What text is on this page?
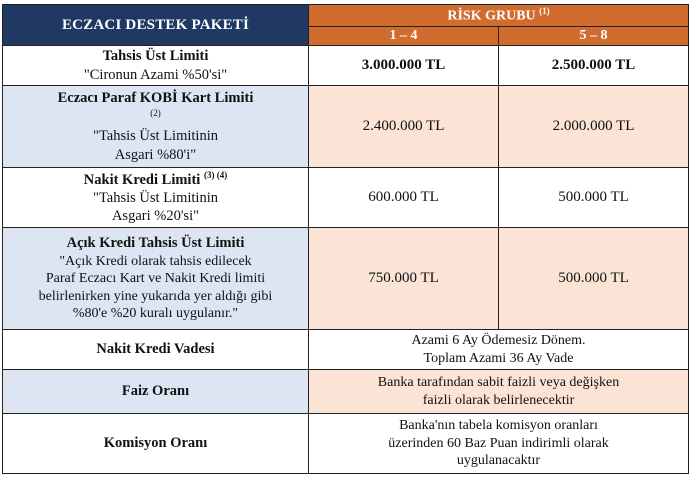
ECZACI DESTEK PAKETİ	RİSK GRUBU $^{(1)}$
	1 – 4	5 – 8

Tahsis Üst Limiti
"Cironun Azami %50'si"	3.000.000 TL	2.500.000 TL

Eczacı Paraf KOBİ Kart Limiti
(2)
"Tahsis Üst Limitinin
Asgari %80'i"	2.400.000 TL	2.000.000 TL

Nakit Kredi Limiti $^{(3) (4)}$
"Tahsis Üst Limitinin
Asgari %20'si"	600.000 TL	500.000 TL

Açık Kredi Tahsis Üst Limiti
"Açık Kredi olarak tahsis edilecek
Paraf Eczacı Kart ve Nakit Kredi limiti
belirlenirken yine yukarıda yer aldığı gibi
%80'e %20 kuralı uygulanır."	750.000 TL	500.000 TL
Nakit Kredi Vadesi	Azami 6 Ay Ödemesiz Dönem.
Toplam Azami 36 Ay Vade	

Faiz Oranı	Banka tarafından sabit faizli veya değişken
faizli olarak belirlenecektir	

Komisyon Oranı	Banka'nın tabela komisyon oranları
üzerinden 60 Baz Puan indirimli olarak
uygulanacaktır	
